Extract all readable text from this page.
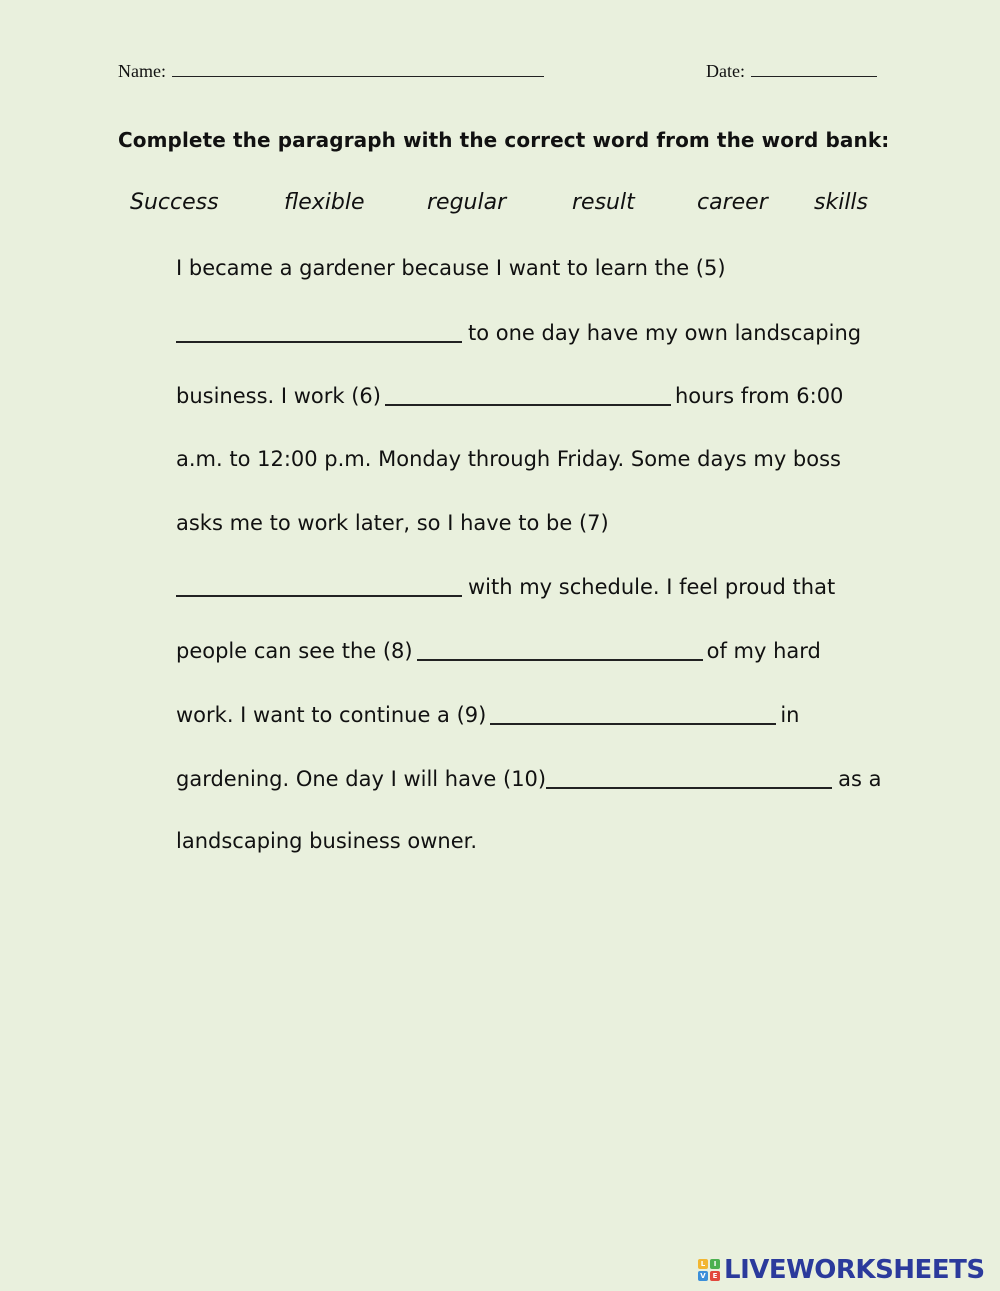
Name:	Date:
Complete the paragraph with the correct word from the word bank:
Success	flexible	regular	result	career skills
I became a gardener because I want to learn the (5)
to one day have my own landscaping
business. I work (6)	hours from 6:00
a.m. to 12:00 p.m. Monday through Friday. Some days my boss
asks me to work later, so I have to be (7)
with my schedule. I feel proud that
people can see the (8)	of my hard
work. I want to continue a (9)	in
gardening. One day I will have (10)	as a
landscaping business owner.
L	I
V E LIVEWORKSHEETS
